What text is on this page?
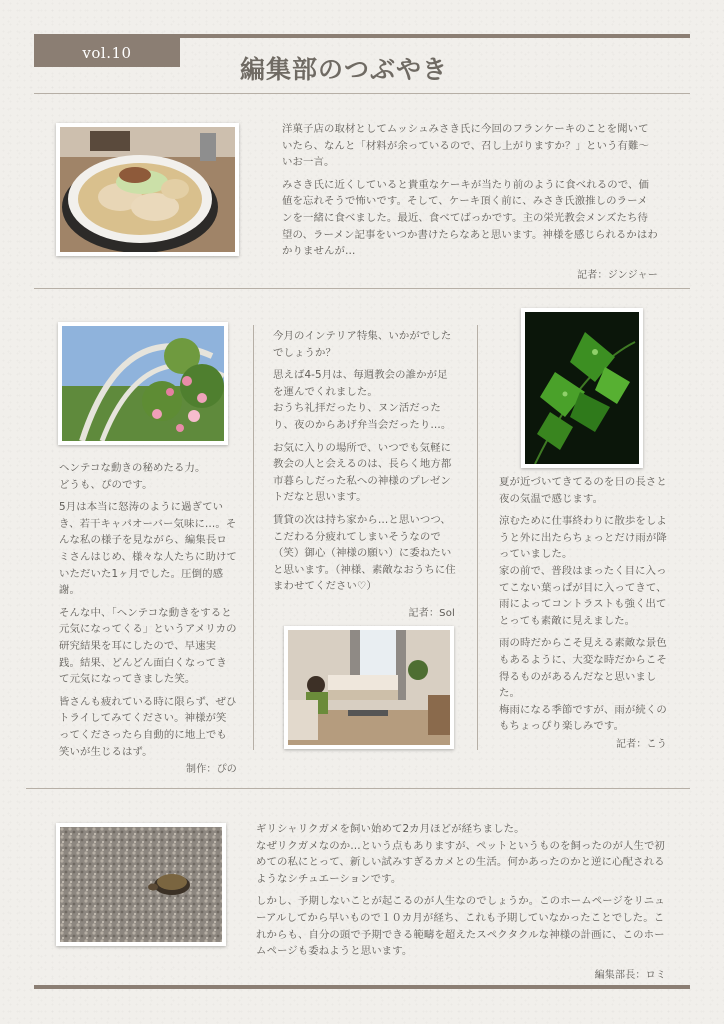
vol.10
編集部のつぶやき

洋菓子店の取材としてムッシュみさき氏に今回のフランケーキのことを聞いていたら、なんと「材料が余っているので、召し上がりますか？」という有難〜いお一言。

みさき氏に近くしていると貴重なケーキが当たり前のように食べれるので、価値を忘れそうで怖いです。そして、ケーキ頂く前に、みさき氏激推しのラーメンを一緒に食べました。最近、食べてばっかです。主の栄光教会メンズたち待望の、ラーメン記事をいつか書けたらなあと思います。神様を感じられるかはわかりませんが…

記者：ジンジャー
ヘンテコな動きの秘めたる力。
どうも、ぴのです。

5月は本当に怒涛のように過ぎていき、若干キャパオーバー気味に…。そんな私の様子を見ながら、編集長ロミさんはじめ、様々な人たちに助けていただいた1ヶ月でした。圧倒的感謝。

そんな中、「ヘンテコな動きをすると元気になってくる」というアメリカの研究結果を耳にしたので、早速実践。結果、どんどん面白くなってきて元気になってきました笑。

皆さんも疲れている時に限らず、ぜひトライしてみてください。神様が笑ってくださったら自動的に地上でも笑いが生じるはず。

制作：ぴの

今月のインテリア特集、いかがでしたでしょうか？

思えば4-5月は、毎週教会の誰かが足を運んでくれました。
おうち礼拝だったり、ヌン活だったり、夜のからあげ弁当会だったり…。

お気に入りの場所で、いつでも気軽に教会の人と会えるのは、長らく地方都市暮らしだった私への神様のプレゼントだなと思います。

賃貸の次は持ち家から…と思いつつ、こだわる分疲れてしまいそうなので（笑）御心（神様の願い）に委ねたいと思います。（神様、素敵なおうちに住まわせてください♡）

記者：Sol

夏が近づいてきてるのを日の長さと夜の気温で感じます。

涼むために仕事終わりに散歩をしようと外に出たらちょっとだけ雨が降っていました。
家の前で、普段はまったく目に入ってこない葉っぱが目に入ってきて、雨によってコントラストも強く出てとっても素敵に見えました。

雨の時だからこそ見える素敵な景色もあるように、大変な時だからこそ得るものがあるんだなと思いました。
梅雨になる季節ですが、雨が続くのもちょっぴり楽しみです。

記者：こう

ギリシャリクガメを飼い始めて2カ月ほどが経ちました。
なぜリクガメなのか…という点もありますが、ペットというものを飼ったのが人生で初めての私にとって、新しい試みすぎるカメとの生活。何かあったのかと逆に心配されるようなシチュエーションです。

しかし、予期しないことが起こるのが人生なのでしょうか。このホームページをリニューアルしてから早いもので１０カ月が経ち、これも予期していなかったことでした。これからも、自分の頭で予期できる範疇を超えたスペクタクルな神様の計画に、このホームページも委ねようと思います。

編集部長：ロミ
